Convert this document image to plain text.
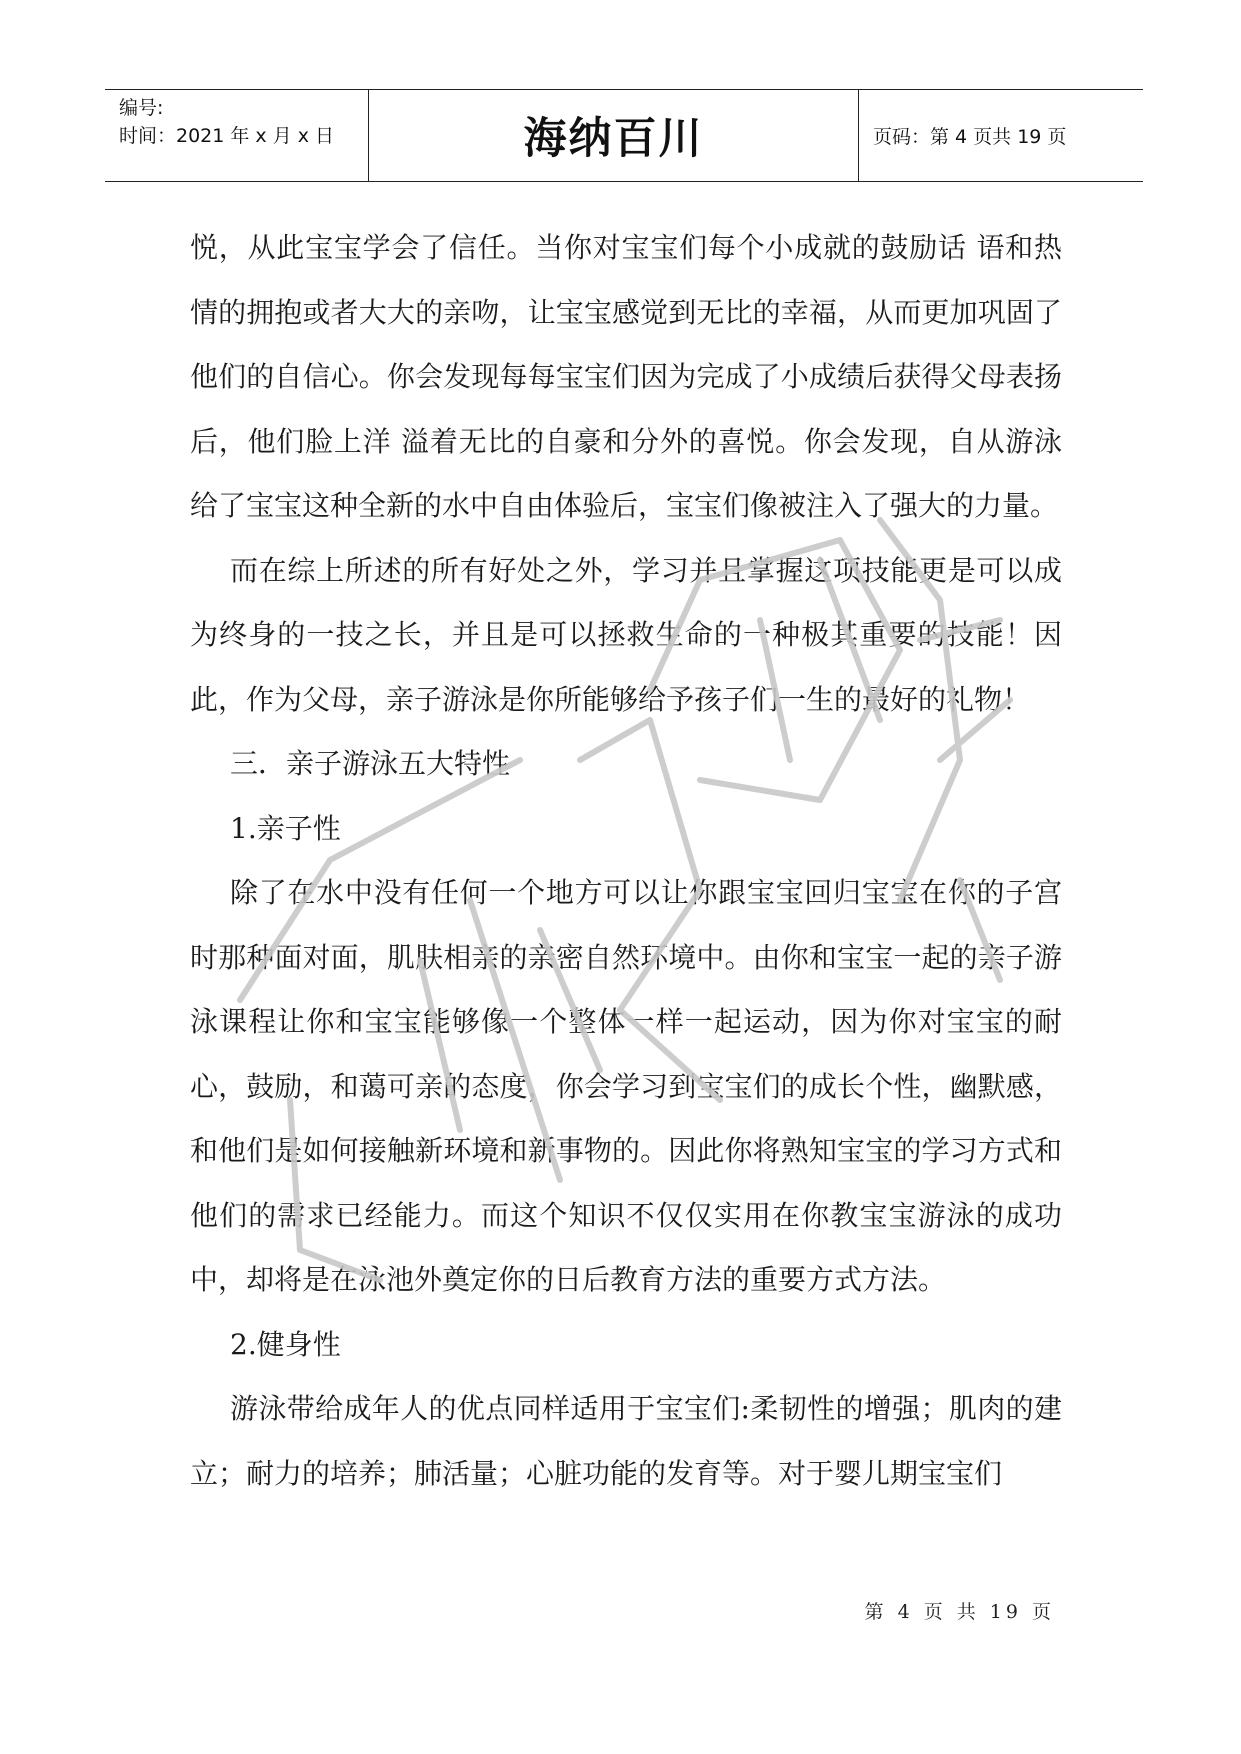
编号:
时间：2021 年 x 月 x 日	海纳百川	页码：第 4 页共 19 页

悦，从此宝宝学会了信任。当你对宝宝们每个小成就的鼓励话 语和热情的拥抱或者大大的亲吻，让宝宝感觉到无比的幸福，从而更加巩固了他们的自信心。你会发现每每宝宝们因为完成了小成绩后获得父母表扬后，他们脸上洋 溢着无比的自豪和分外的喜悦。你会发现，自从游泳给了宝宝这种全新的水中自由体验后，宝宝们像被注入了强大的力量。

而在综上所述的所有好处之外，学习并且掌握这项技能更是可以成为终身的一技之长，并且是可以拯救生命的一种极其重要的技能！因此，作为父母，亲子游泳是你所能够给予孩子们一生的最好的礼物！

三．亲子游泳五大特性

1.亲子性

除了在水中没有任何一个地方可以让你跟宝宝回归宝宝在你的子宫时那种面对面，肌肤相亲的亲密自然环境中。由你和宝宝一起的亲子游泳课程让你和宝宝能够像一个整体一样一起运动，因为你对宝宝的耐心，鼓励，和蔼可亲的态度，你会学习到宝宝们的成长个性，幽默感，和他们是如何接触新环境和新事物的。因此你将熟知宝宝的学习方式和他们的需求已经能力。而这个知识不仅仅实用在你教宝宝游泳的成功中，却将是在泳池外奠定你的日后教育方法的重要方式方法。

2.健身性

游泳带给成年人的优点同样适用于宝宝们:柔韧性的增强；肌肉的建立；耐力的培养；肺活量；心脏功能的发育等。对于婴儿期宝宝们

严禁复制
第 4 页 共 19 页
